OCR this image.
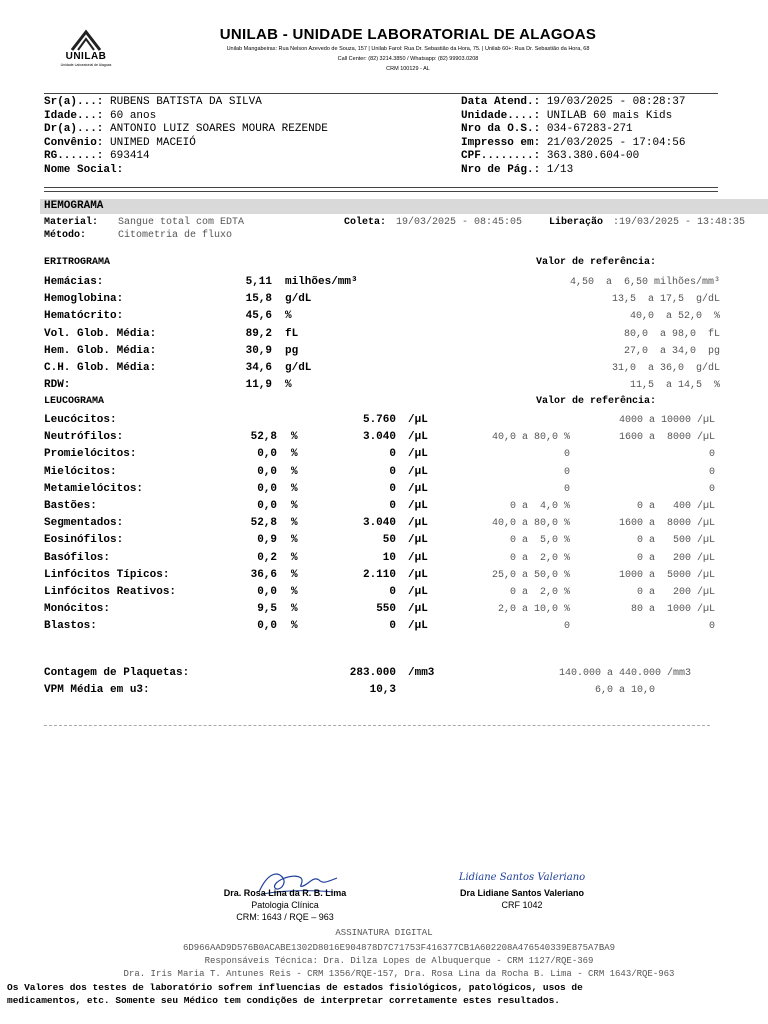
UNILAB
Unidade Laboratorial de Alagoas
UNILAB - UNIDADE LABORATORIAL DE ALAGOAS
Unilab Mangabeiras: Rua Nelson Azevedo de Souza, 157 | Unilab Farol: Rua Dr. Sebastião da Hora, 75. | Unilab 60+: Rua Dr. Sebastião da Hora, 68
Call Center: (82) 3214.3850 / Whatsapp: (82) 99903.0208
CRM 100129 - AL
Sr(a)...: RUBENS BATISTA DA SILVA
Idade...: 60 anos
Dr(a)...: ANTONIO LUIZ SOARES MOURA REZENDE
Convênio: UNIMED MACEIÓ
RG......: 693414
Nome Social:
Data Atend.: 19/03/2025 - 08:28:37
Unidade....: UNILAB 60 mais Kids
Nro da O.S.: 034-67283-271
Impresso em: 21/03/2025 - 17:04:56
CPF........: 363.380.604-00
Nro de Pág.: 1/13
HEMOGRAMA
Material: Sangue total com EDTA	Coleta: 19/03/2025 - 08:45:05	Liberação :19/03/2025 - 13:48:35
Método:	Citometria de fluxo
ERITROGRAMA	Valor de referência:
Hemácias:	5,11 milhões/mm³	4,50  a  6,50 milhões/mm³
Hemoglobina:	15,8 g/dL	13,5  a 17,5  g/dL
Hematócrito:	45,6 %	40,0  a 52,0  %
Vol. Glob. Média:	89,2 fL	80,0  a 98,0  fL
Hem. Glob. Média:	30,9 pg	27,0  a 34,0  pg
C.H. Glob. Média:	34,6 g/dL	31,0  a 36,0  g/dL
RDW:	11,9 %	11,5  a 14,5  %
LEUCOGRAMA	Valor de referência:
Leucócitos:	5.760 /µL	4000 a 10000 /µL
Neutrófilos:	52,8 %	3.040 /µL	40,0 a 80,0 %	1600 a  8000 /µL
Promielócitos:	0,0 %	0 /µL	0	0
Mielócitos:	0,0 %	0 /µL	0	0
Metamielócitos:	0,0 %	0 /µL	0	0
Bastões:	0,0 %	0 /µL	0 a  4,0 %	0 a   400 /µL
Segmentados:	52,8 %	3.040 /µL	40,0 a 80,0 %	1600 a  8000 /µL
Eosinófilos:	0,9 %	50 /µL	0 a  5,0 %	0 a   500 /µL
Basófilos:	0,2 %	10 /µL	0 a  2,0 %	0 a   200 /µL
Linfócitos Típicos:	36,6 %	2.110 /µL	25,0 a 50,0 %	1000 a  5000 /µL
Linfócitos Reativos:	0,0 %	0 /µL	0 a  2,0 %	0 a   200 /µL
Monócitos:	9,5 %	550 /µL	2,0 a 10,0 %	80 a  1000 /µL
Blastos:	0,0 %	0 /µL	0	0
Contagem de Plaquetas:	283.000 /mm3	140.000 a 440.000 /mm3
VPM Média em u3:	10,3	6,0 a 10,0
Dra. Rosa Lina da R. B. Lima
Patologia Clínica
CRM: 1643 / RQE – 963
Lidiane Santos Valeriano
Dra Lidiane Santos Valeriano
CRF 1042
ASSINATURA DIGITAL
6D966AAD9D576B0ACABE1302D8016E904878D7C71753F416377CB1A602208A476540339E875A7BA9
Responsáveis Técnica: Dra. Dilza Lopes de Albuquerque - CRM 1127/RQE-369
Dra. Iris Maria T. Antunes Reis - CRM 1356/RQE-157, Dra. Rosa Lina da Rocha B. Lima - CRM 1643/RQE-963
Os Valores dos testes de laboratório sofrem influencias de estados fisiológicos, patológicos, usos de
medicamentos, etc. Somente seu Médico tem condições de interpretar corretamente estes resultados.
